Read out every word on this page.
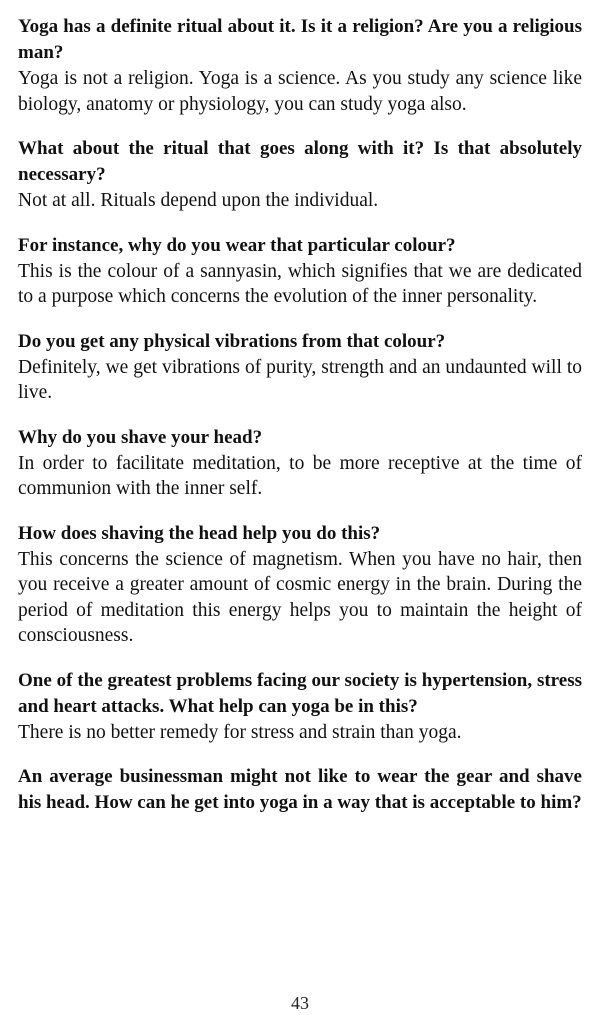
Yoga has a definite ritual about it. Is it a religion? Are you a religious man?

Yoga is not a religion. Yoga is a science. As you study any science like biology, anatomy or physiology, you can study yoga also.

What about the ritual that goes along with it? Is that absolutely necessary?

Not at all. Rituals depend upon the individual.

For instance, why do you wear that particular colour?

This is the colour of a sannyasin, which signifies that we are dedicated to a purpose which concerns the evolution of the inner personality.

Do you get any physical vibrations from that colour?

Definitely, we get vibrations of purity, strength and an undaunted will to live.

Why do you shave your head?

In order to facilitate meditation, to be more receptive at the time of communion with the inner self.

How does shaving the head help you do this?

This concerns the science of magnetism. When you have no hair, then you receive a greater amount of cosmic energy in the brain. During the period of meditation this energy helps you to maintain the height of consciousness.

One of the greatest problems facing our society is hypertension, stress and heart attacks. What help can yoga be in this?

There is no better remedy for stress and strain than yoga.

An average businessman might not like to wear the gear and shave his head. How can he get into yoga in a way that is acceptable to him?

43
